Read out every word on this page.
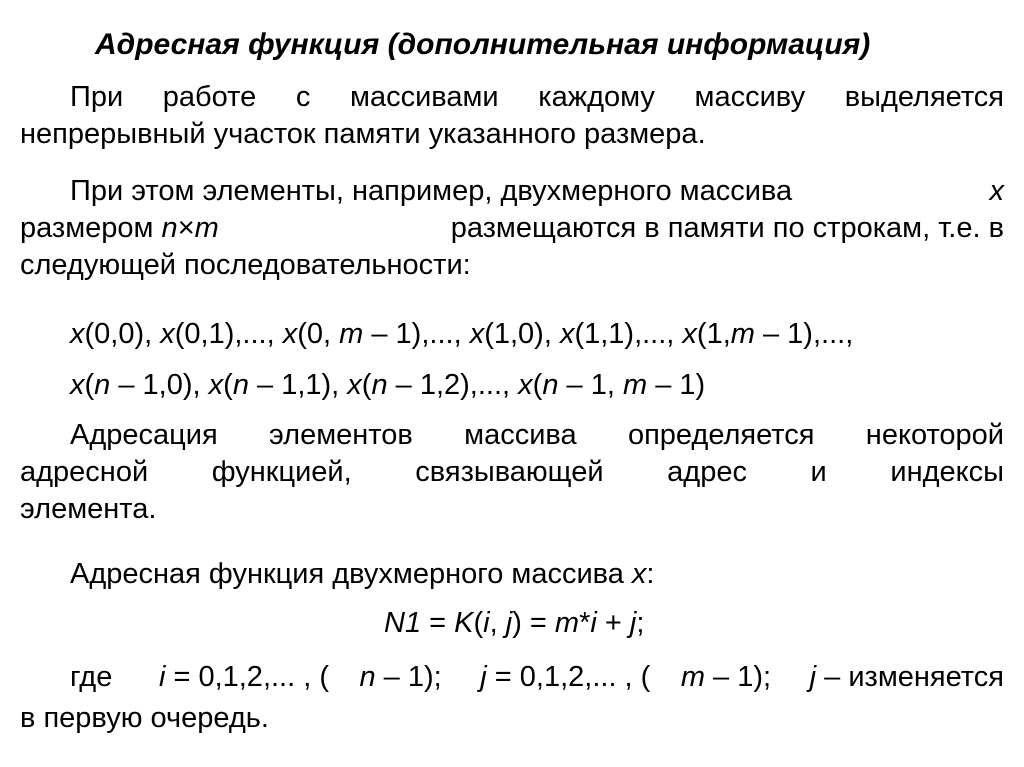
Адресная функция (дополнительная информация)
При работе с массивами каждому массиву выделяется
непрерывный участок памяти указанного размера.
При этом элементы, например, двухмерного массива	x
размером n×m	размещаются в памяти по строкам, т.е. в
следующей последовательности:
x(0,0), x(0,1),..., x(0, m – 1),..., x(1,0), x(1,1),..., x(1,m – 1),...,
x(n – 1,0), x(n – 1,1), x(n – 1,2),..., x(n – 1, m – 1)
Адресация элементов массива определяется некоторой
адресной функцией, связывающей адрес и индексы
элемента.
Адресная функция двухмерного массива x:
N1 = K(i, j) = m*i + j;
где i = 0,1,2,... , ( n – 1); j = 0,1,2,... , ( m – 1); j – изменяется
в первую очередь.
